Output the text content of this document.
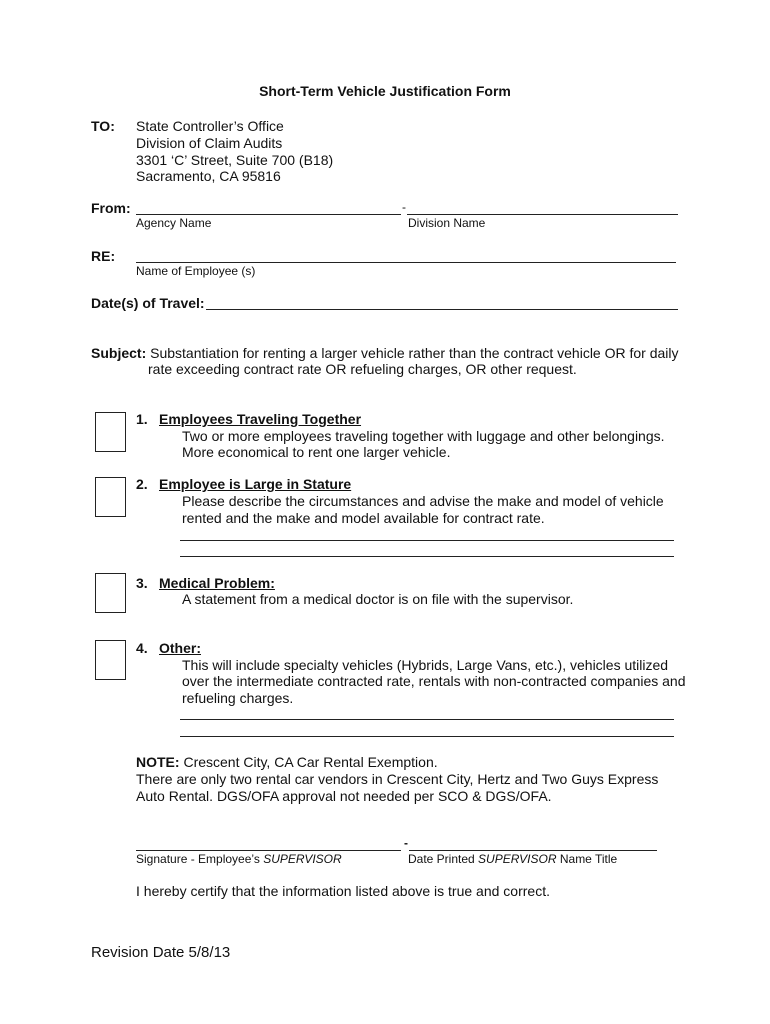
Short-Term Vehicle Justification Form
TO: State Controller’s Office
Division of Claim Audits
3301 ‘C’ Street, Suite 700 (B18)
Sacramento, CA 95816
From:	-
Agency Name	Division Name
RE:
Name of Employee (s)
Date(s) of Travel:
Subject: Substantiation for renting a larger vehicle rather than the contract vehicle OR for daily
rate exceeding contract rate OR refueling charges, OR other request.
1. Employees Traveling Together
Two or more employees traveling together with luggage and other belongings.
More economical to rent one larger vehicle.
2. Employee is Large in Stature
Please describe the circumstances and advise the make and model of vehicle
rented and the make and model available for contract rate.
3. Medical Problem:
A statement from a medical doctor is on file with the supervisor.
4. Other:
This will include specialty vehicles (Hybrids, Large Vans, etc.), vehicles utilized
over the intermediate contracted rate, rentals with non-contracted companies and
refueling charges.
NOTE: Crescent City, CA Car Rental Exemption.
There are only two rental car vendors in Crescent City, Hertz and Two Guys Express
Auto Rental. DGS/OFA approval not needed per SCO & DGS/OFA.
-
Signature - Employee’s SUPERVISOR	Date Printed SUPERVISOR Name Title
I hereby certify that the information listed above is true and correct.
Revision Date 5/8/13
